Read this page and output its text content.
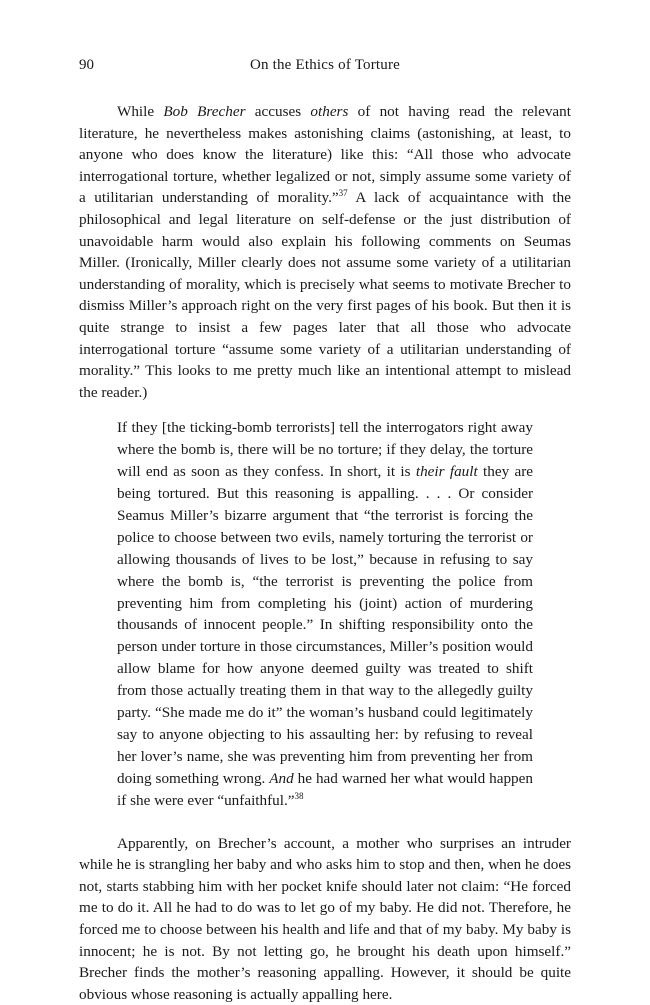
90	On the Ethics of Torture

While Bob Brecher accuses others of not having read the relevant literature, he nevertheless makes astonishing claims (astonishing, at least, to anyone who does know the literature) like this: “All those who advocate interrogational torture, whether legalized or not, simply assume some variety of a utilitarian understanding of morality.”$^{37}$ A lack of acquaintance with the philosophical and legal literature on self-defense or the just distribution of unavoidable harm would also explain his following comments on Seumas Miller. (Ironically, Miller clearly does not assume some variety of a utilitarian understanding of morality, which is precisely what seems to motivate Brecher to dismiss Miller’s approach right on the very first pages of his book. But then it is quite strange to insist a few pages later that all those who advocate interrogational torture “assume some variety of a utilitarian understanding of morality.” This looks to me pretty much like an intentional attempt to mislead the reader.)

If they [the ticking-bomb terrorists] tell the interrogators right away where the bomb is, there will be no torture; if they delay, the torture will end as soon as they confess. In short, it is their fault they are being tortured. But this reasoning is appalling. . . . Or consider Seamus Miller’s bizarre argument that “the terrorist is forcing the police to choose between two evils, namely torturing the terrorist or allowing thousands of lives to be lost,” because in refusing to say where the bomb is, “the terrorist is preventing the police from preventing him from completing his (joint) action of murdering thousands of innocent people.” In shifting responsibility onto the person under torture in those circumstances, Miller’s position would allow blame for how anyone deemed guilty was treated to shift from those actually treating them in that way to the allegedly guilty party. “She made me do it” the woman’s husband could legitimately say to anyone objecting to his assaulting her: by refusing to reveal her lover’s name, she was preventing him from preventing her from doing something wrong. And he had warned her what would happen if she were ever “unfaithful.”$^{38}$

Apparently, on Brecher’s account, a mother who surprises an intruder while he is strangling her baby and who asks him to stop and then, when he does not, starts stabbing him with her pocket knife should later not claim: “He forced me to do it. All he had to do was to let go of my baby. He did not. Therefore, he forced me to choose between his health and life and that of my baby. My baby is innocent; he is not. By not letting go, he brought his death upon himself.” Brecher finds the mother’s reasoning appalling. However, it should be quite obvious whose reasoning is actually appalling here.
